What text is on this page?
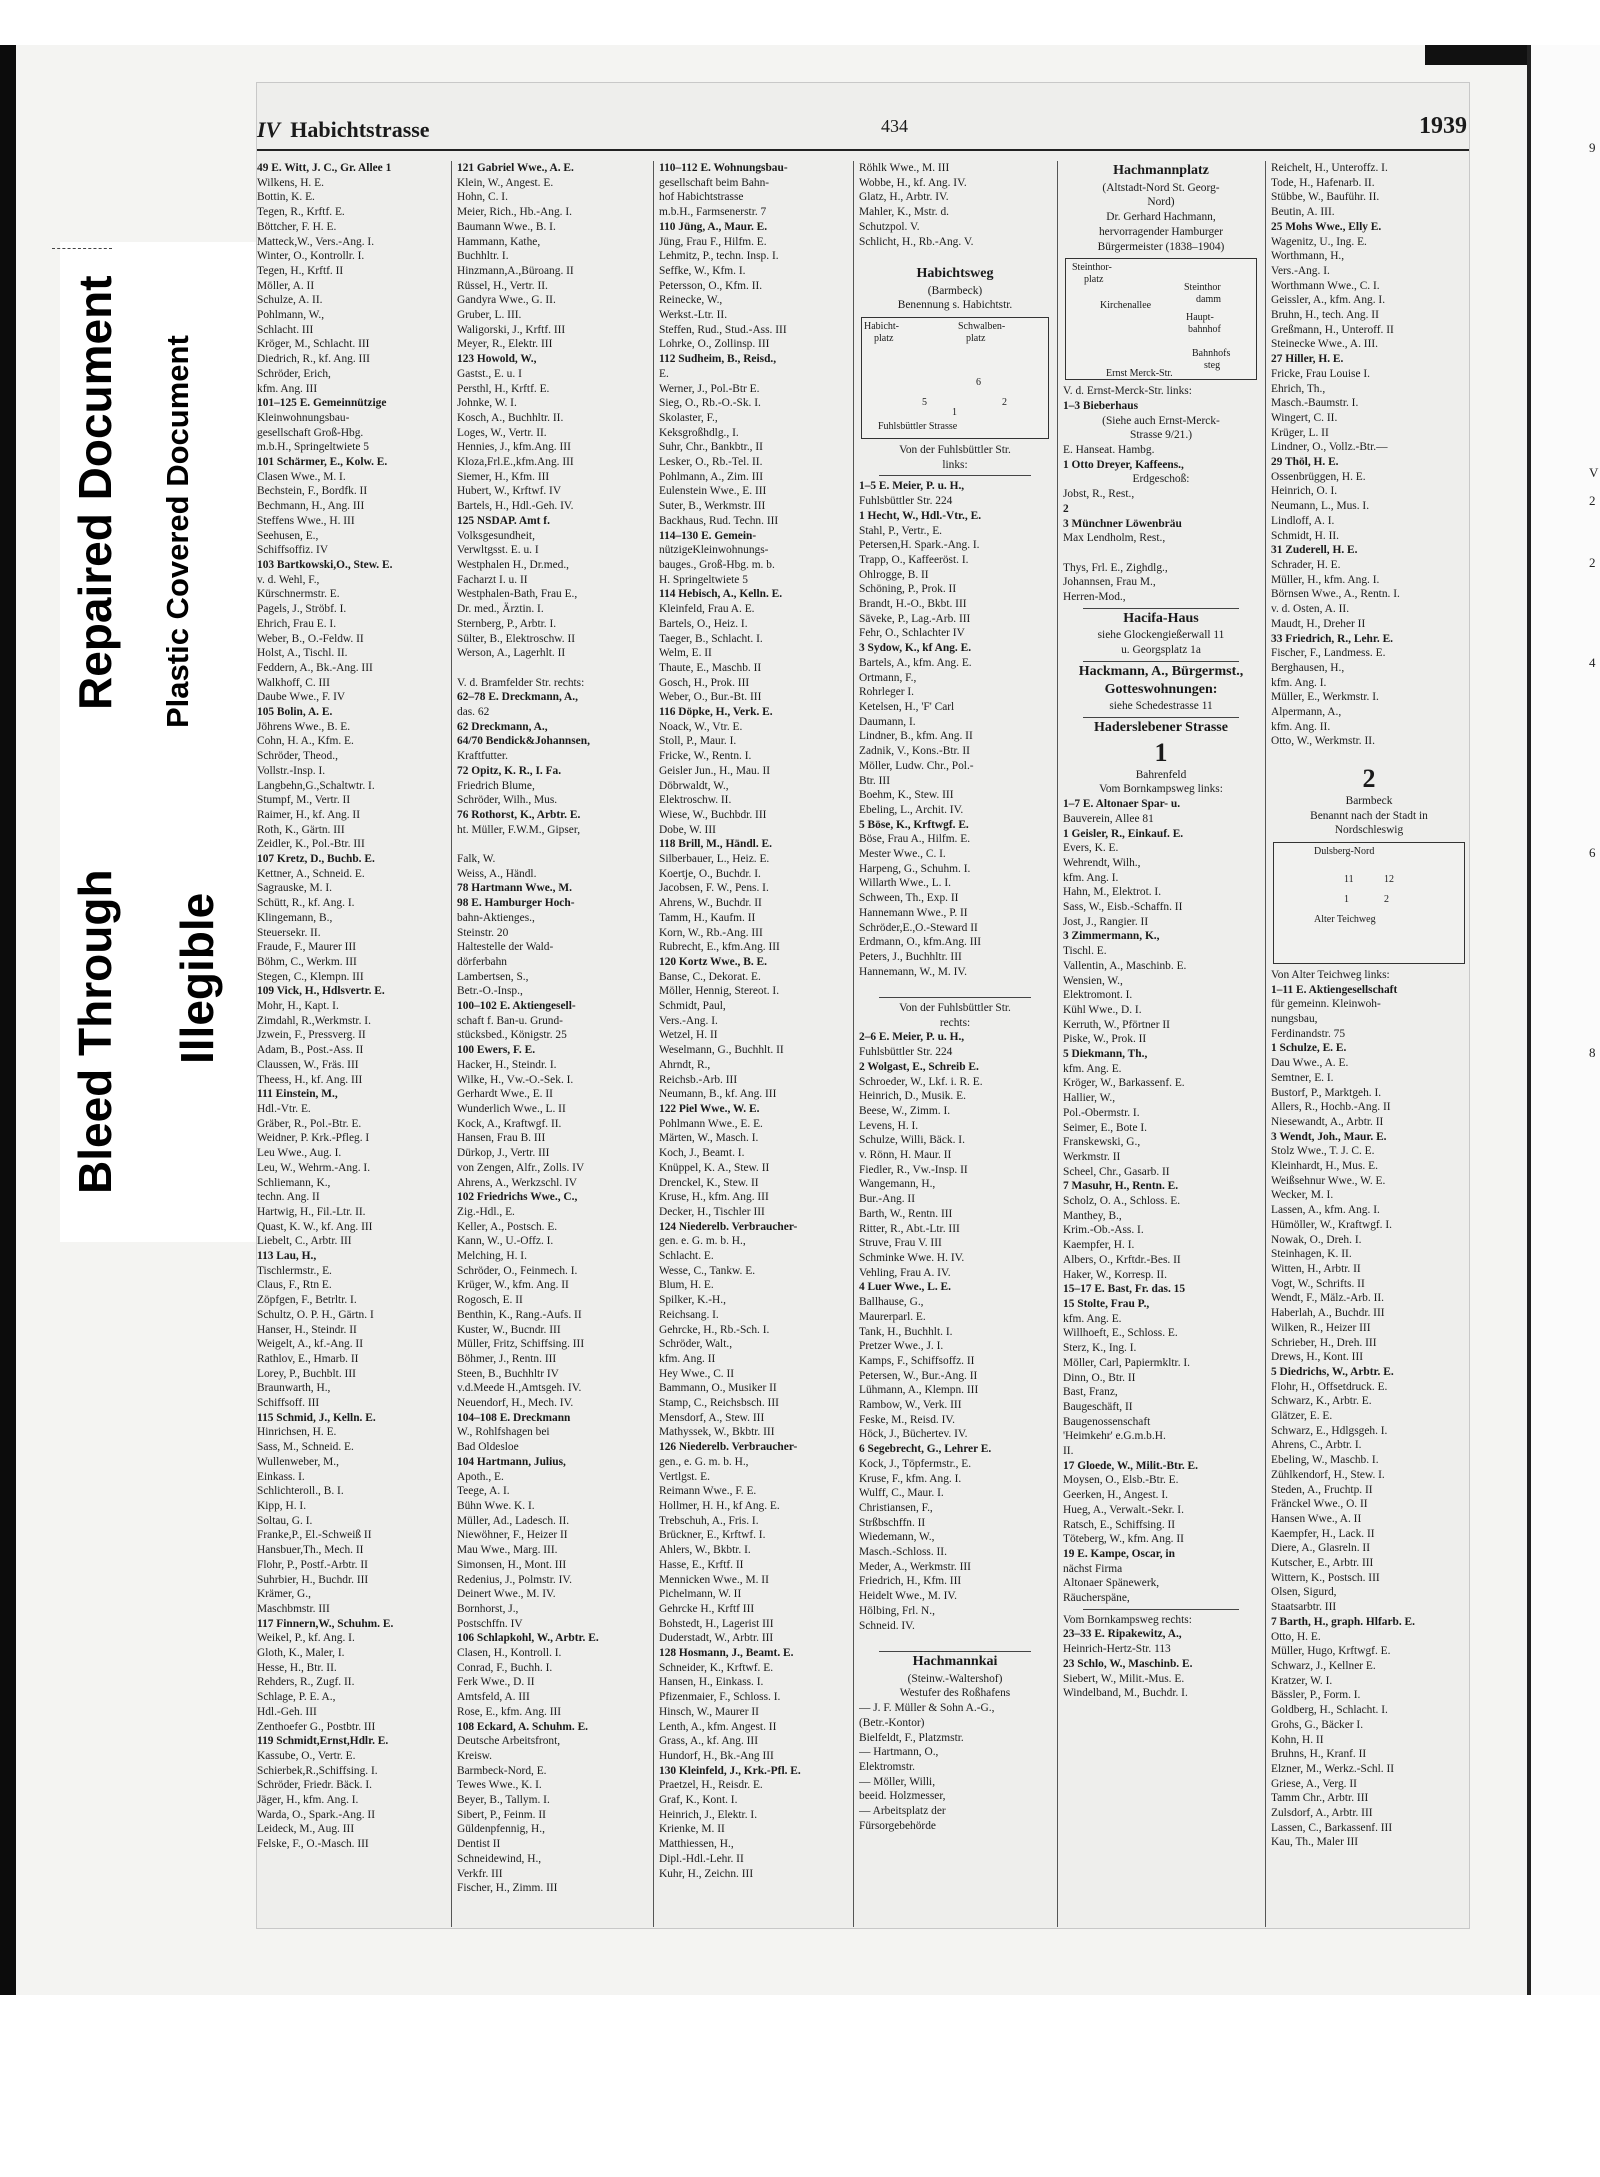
9
V
2
2
4
6
8
Bleed Through
Repaired Document Plastic Covered Document
Illegible
IV Habichtstrasse	434	1939
49 E. Witt, J. C., Gr. Allee 1
Wilkens, H. E.
Bottin, K. E.
Tegen, R., Krftf. E.
Böttcher, F. H. E.
Matteck,W., Vers.-Ang. I.
Winter, O., Kontrollr. I.
Tegen, H., Krftf. II
Möller, A. II
Schulze, A. II.
Pohlmann, W.,
Schlacht. III
Kröger, M., Schlacht. III
Diedrich, R., kf. Ang. III
Schröder, Erich,
kfm. Ang. III
101–125 E. Gemeinnützige
Kleinwohnungsbau-
gesellschaft Groß-Hbg.
m.b.H., Springeltwiete 5
101 Schärmer, E., Kolw. E.
Clasen Wwe., M. I.
Bechstein, F., Bordfk. II
Bechmann, H., Ang. III
Steffens Wwe., H. III
Seehusen, E.,
Schiffsoffiz. IV
103 Bartkowski,O., Stew. E.
v. d. Wehl, F.,
Kürschnermstr. E.
Pagels, J., Ströbf. I.
Ehrich, Frau E. I.
Weber, B., O.-Feldw. II
Holst, A., Tischl. II.
Feddern, A., Bk.-Ang. III
Walkhoff, C. III
Daube Wwe., F. IV
105 Bolin, A. E.
Jöhrens Wwe., B. E.
Cohn, H. A., Kfm. E.
Schröder, Theod.,
Vollstr.-Insp. I.
Langbehn,G.,Schaltwtr. I.
Stumpf, M., Vertr. II
Raimer, H., kf. Ang. II
Roth, K., Gärtn. III
Zeidler, K., Pol.-Btr. III
107 Kretz, D., Buchb. E.
Kettner, A., Schneid. E.
Sagrauske, M. I.
Schütt, R., kf. Ang. I.
Klingemann, B.,
Steuersekr. II.
Fraude, F., Maurer III
Böhm, C., Werkm. III
Stegen, C., Klempn. III
109 Vick, H., Hdlsvertr. E.
Mohr, H., Kapt. I.
Zimdahl, R.,Werkmstr. I.
Jzwein, F., Pressverg. II
Adam, B., Post.-Ass. II
Claussen, W., Fräs. III
Theess, H., kf. Ang. III
111 Einstein, M.,
Hdl.-Vtr. E.
Gräber, R., Pol.-Btr. E.
Weidner, P. Krk.-Pfleg. I
Leu Wwe., Aug. I.
Leu, W., Wehrm.-Ang. I.
Schliemann, K.,
techn. Ang. II
Hartwig, H., Fil.-Ltr. II.
Quast, K. W., kf. Ang. III
Liebelt, C., Arbtr. III
113 Lau, H.,
Tischlermstr., E.
Claus, F., Rtn E.
Zöpfgen, F., Betrltr. I.
Schultz, O. P. H., Gärtn. I
Hanser, H., Steindr. II
Weigelt, A., kf.-Ang. II
Rathlov, E., Hmarb. II
Lorey, P., Buchblt. III
Braunwarth, H.,
Schiffsoff. III
115 Schmid, J., Kelln. E.
Hinrichsen, H. E.
Sass, M., Schneid. E.
Wullenweber, M.,
Einkass. I.
Schlichteroll., B. I.
Kipp, H. I.
Soltau, G. I.
Franke,P., El.-Schweiß II
Hansbuer,Th., Mech. II
Flohr, P., Postf.-Arbtr. II
Suhrbier, H., Buchdr. III
Krämer, G.,
Maschbmstr. III
117 Finnern,W., Schuhm. E.
Weikel, P., kf. Ang. I.
Gloth, K., Maler, I.
Hesse, H., Btr. II.
Rehders, R., Zugf. II.
Schlage, P. E. A.,
Hdl.-Geh. III
Zenthoefer G., Postbtr. III
119 Schmidt,Ernst,Hdlr. E.
Kassube, O., Vertr. E.
Schierbek,R.,Schiffsing. I.
Schröder, Friedr. Bäck. I.
Jäger, H., kfm. Ang. I.
Warda, O., Spark.-Ang. II
Leideck, M., Aug. III
Felske, F., O.-Masch. III
121 Gabriel Wwe., A. E.
Klein, W., Angest. E.
Hohn, C. I.
Meier, Rich., Hb.-Ang. I.
Baumann Wwe., B. I.
Hammann, Kathe,
Buchhltr. I.
Hinzmann,A.,Büroang. II
Rüssel, H., Vertr. II.
Gandyra Wwe., G. II.
Gruber, L. III.
Waligorski, J., Krftf. III
Meyer, R., Elektr. III
123 Howold, W.,
Gastst., E. u. I
Persthl, H., Krftf. E.
Johnke, W. I.
Kosch, A., Buchhltr. II.
Loges, W., Vertr. II.
Hennies, J., kfm.Ang. III
Kloza,Frl.E.,kfm.Ang. III
Siemer, H., Kfm. III
Hubert, W., Krftwf. IV
Bartels, H., Hdl.-Geh. IV.
125 NSDAP. Amt f.
Volksgesundheit,
Verwltgsst. E. u. I
Westphalen H., Dr.med.,
Facharzt I. u. II
Westphalen-Bath, Frau E.,
Dr. med., Ärztin. I.
Sternberg, P., Arbtr. I.
Sülter, B., Elektroschw. II
Werson, A., Lagerhlt. II

V. d. Bramfelder Str. rechts:
62–78 E. Dreckmann, A.,
das. 62
62 Dreckmann, A.,
64/70 Bendick&Johannsen,
Kraftfutter.
72 Opitz, K. R., I. Fa.
Friedrich Blume,
Schröder, Wilh., Mus.
76 Rothorst, K., Arbtr. E.
ht. Müller, F.W.M., Gipser,

Falk, W.
Weiss, A., Händl.
78 Hartmann Wwe., M.
98 E. Hamburger Hoch-
bahn-Aktienges.,
Steinstr. 20
Haltestelle der Wald-
dörferbahn
Lambertsen, S.,
Betr.-O.-Insp.,
100–102 E. Aktiengesell-
schaft f. Ban-u. Grund-
stücksbed., Königstr. 25
100 Ewers, F. E.
Hacker, H., Steindr. I.
Wilke, H., Vw.-O.-Sek. I.
Gerhardt Wwe., E. II
Wunderlich Wwe., L. II
Kock, A., Kraftwgf. II.
Hansen, Frau B. III
Dürkop, J., Vertr. III
von Zengen, Alfr., Zolls. IV
Ahrens, A., Werkzschl. IV
102 Friedrichs Wwe., C.,
Zig.-Hdl., E.
Keller, A., Postsch. E.
Kann, W., U.-Offz. I.
Melching, H. I.
Schröder, O., Feinmech. I.
Krüger, W., kfm. Ang. II
Rogosch, E. II
Benthin, K., Rang.-Aufs. II
Kuster, W., Bucndr. III
Müller, Fritz, Schiffsing. III
Böhmer, J., Rentn. III
Steen, B., Buchhltr IV
v.d.Meede H.,Amtsgeh. IV.
Neuendorf, H., Mech. IV.
104–108 E. Dreckmann
W., Rohlfshagen bei
Bad Oldesloe
104 Hartmann, Julius,
Apoth., E.
Teege, A. I.
Bühn Wwe. K. I.
Müller, Ad., Ladesch. II.
Niewöhner, F., Heizer II
Mau Wwe., Marg. III.
Simonsen, H., Mont. III
Redenius, J., Polmstr. IV.
Deinert Wwe., M. IV.
Bornhorst, J.,
Postschffn. IV
106 Schlapkohl, W., Arbtr. E.
Clasen, H., Kontroll. I.
Conrad, F., Buchh. I.
Ferk Wwe., D. II
Amtsfeld, A. III
Rose, E., kfm. Ang. III
108 Eckard, A. Schuhm. E.
Deutsche Arbeitsfront,
Kreisw.
Barmbeck-Nord, E.
Tewes Wwe., K. I.
Beyer, B., Tallym. I.
Sibert, P., Feinm. II
Güldenpfennig, H.,
Dentist II
Schneidewind, H.,
Verkfr. III
Fischer, H., Zimm. III
110–112 E. Wohnungsbau-
gesellschaft beim Bahn-
hof Habichtstrasse
m.b.H., Farmsenerstr. 7
110 Jüng, A., Maur. E.
Jüng, Frau F., Hilfm. E.
Lehmitz, P., techn. Insp. I.
Seffke, W., Kfm. I.
Petersson, O., Kfm. II.
Reinecke, W.,
Werkst.-Ltr. II.
Steffen, Rud., Stud.-Ass. III
Lohrke, O., Zollinsp. III
112 Sudheim, B., Reisd.,
E.
Werner, J., Pol.-Btr E.
Sieg, O., Rb.-O.-Sk. I.
Skolaster, F.,
Keksgroßhdlg., I.
Suhr, Chr., Bankbtr., II
Lesker, O., Rb.-Tel. II.
Pohlmann, A., Zim. III
Eulenstein Wwe., E. III
Suter, B., Werkmstr. III
Backhaus, Rud. Techn. III
114–130 E. Gemein-
nützigeKleinwohnungs-
bauges., Groß-Hbg. m. b.
H. Springeltwiete 5
114 Hebisch, A., Kelln. E.
Kleinfeld, Frau A. E.
Bartels, O., Heiz. I.
Taeger, B., Schlacht. I.
Welm, E. II
Thaute, E., Maschb. II
Gosch, H., Prok. III
Weber, O., Bur.-Bt. III
116 Döpke, H., Verk. E.
Noack, W., Vtr. E.
Stoll, P., Maur. I.
Fricke, W., Rentn. I.
Geisler Jun., H., Mau. II
Döbrwaldt, W.,
Elektroschw. II.
Wiese, W., Buchbdr. III
Dobe, W. III
118 Brill, M., Händl. E.
Silberbauer, L., Heiz. E.
Koertje, O., Buchdr. I.
Jacobsen, F. W., Pens. I.
Ahrens, W., Buchdr. II
Tamm, H., Kaufm. II
Korn, W., Rb.-Ang. III
Rubrecht, E., kfm.Ang. III
120 Kortz Wwe., B. E.
Banse, C., Dekorat. E.
Möller, Hennig, Stereot. I.
Schmidt, Paul,
Vers.-Ang. I.
Wetzel, H. II
Weselmann, G., Buchhlt. II
Ahrndt, R.,
Reichsb.-Arb. III
Neumann, B., kf. Ang. III
122 Piel Wwe., W. E.
Pohlmann Wwe., E. E.
Märten, W., Masch. I.
Koch, J., Beamt. I.
Knüppel, K. A., Stew. II
Drenckel, K., Stew. II
Kruse, H., kfm. Ang. III
Decker, H., Tischler III
124 Niederelb. Verbraucher-
gen. e. G. m. b. H.,
Schlacht. E.
Wesse, C., Tankw. E.
Blum, H. E.
Spilker, K.-H.,
Reichsang. I.
Gehrcke, H., Rb.-Sch. I.
Schröder, Walt.,
kfm. Ang. II
Hey Wwe., C. II
Bammann, O., Musiker II
Stamp, C., Reichsbsch. III
Mensdorf, A., Stew. III
Mathyssek, W., Bkbtr. III
126 Niederelb. Verbraucher-
gen., e. G. m. b. H.,
Vertlgst. E.
Reimann Wwe., F. E.
Hollmer, H. H., kf Ang. E.
Trebschuh, A., Fris. I.
Brückner, E., Krftwf. I.
Ahlers, W., Bkbtr. I.
Hasse, E., Krftf. II
Mennicken Wwe., M. II
Pichelmann, W. II
Gehrcke H., Krftf III
Bohstedt, H., Lagerist III
Duderstadt, W., Arbtr. III
128 Hosmann, J., Beamt. E.
Schneider, K., Krftwf. E.
Hansen, H., Einkass. I.
Pfizenmaier, F., Schloss. I.
Hinsch, W., Maurer II
Lenth, A., kfm. Angest. II
Grass, A., kf. Ang. III
Hundorf, H., Bk.-Ang III
130 Kleinfeld, J., Krk.-Pfl. E.
Praetzel, H., Reisdr. E.
Graf, K., Kont. I.
Heinrich, J., Elektr. I.
Krienke, M. II
Matthiessen, H.,
Dipl.-Hdl.-Lehr. II
Kuhr, H., Zeichn. III
Röhlk Wwe., M. III
Wobbe, H., kf. Ang. IV.
Glatz, H., Arbtr. IV.
Mahler, K., Mstr. d.
Schutzpol. V.
Schlicht, H., Rb.-Ang. V.

Habichtsweg
(Barmbeck)
Benennung s. Habichtstr.
Habicht-
platz
Schwalben-
platz
Fuhlsbüttler Strasse
6
2
5
1
Von der Fuhlsbüttler Str.
links:
1–5 E. Meier, P. u. H.,
Fuhlsbüttler Str. 224
1 Hecht, W., Hdl.-Vtr., E.
Stahl, P., Vertr., E.
Petersen,H. Spark.-Ang. I.
Trapp, O., Kaffeeröst. I.
Ohlrogge, B. II
Schöning, P., Prok. II
Brandt, H.-O., Bkbt. III
Säveke, P., Lag.-Arb. III
Fehr, O., Schlachter IV
3 Sydow, K., kf Ang. E.
Bartels, A., kfm. Ang. E.
Ortmann, F.,
Rohrleger I.
Ketelsen, H., 'F' Carl
Daumann, I.
Lindner, B., kfm. Ang. II
Zadnik, V., Kons.-Btr. II
Möller, Ludw. Chr., Pol.-
Btr. III
Boehm, K., Stew. III
Ebeling, L., Archit. IV.
5 Böse, K., Krftwgf. E.
Böse, Frau A., Hilfm. E.
Mester Wwe., C. I.
Harpeng, G., Schuhm. I.
Willarth Wwe., L. I.
Schween, Th., Exp. II
Hannemann Wwe., P. II
Schröder,E.,O.-Steward II
Erdmann, O., kfm.Ang. III
Peters, J., Buchhltr. III
Hannemann, W., M. IV.

Von der Fuhlsbüttler Str.
rechts:
2–6 E. Meier, P. u. H.,
Fuhlsbüttler Str. 224
2 Wolgast, E., Schreib E.
Schroeder, W., Lkf. i. R. E.
Heinrich, D., Musik. E.
Beese, W., Zimm. I.
Levens, H. I.
Schulze, Willi, Bäck. I.
v. Rönn, H. Maur. II
Fiedler, R., Vw.-Insp. II
Wangemann, H.,
Bur.-Ang. II
Barth, W., Rentn. III
Ritter, R., Abt.-Ltr. III
Struve, Frau V. III
Schminke Wwe. H. IV.
Vehling, Frau A. IV.
4 Luer Wwe., L. E.
Ballhause, G.,
Maurerparl. E.
Tank, H., Buchhlt. I.
Pretzer Wwe., J. I.
Kamps, F., Schiffsoffz. II
Petersen, W., Bur.-Ang. II
Lühmann, A., Klempn. III
Rambow, W., Verk. III
Feske, M., Reisd. IV.
Höck, J., Büchertev. IV.
6 Segebrecht, G., Lehrer E.
Kock, J., Töpfermstr., E.
Kruse, F., kfm. Ang. I.
Wulff, C., Maur. I.
Christiansen, F.,
Strßbschffn. II
Wiedemann, W.,
Masch.-Schloss. II.
Meder, A., Werkmstr. III
Friedrich, H., Kfm. III
Heidelt Wwe., M. IV.
Hölbing, Frl. N.,
Schneid. IV.

Hachmannkai
(Steinw.-Waltershof)
Westufer des Roßhafens
— J. F. Müller & Sohn A.-G.,
(Betr.-Kontor)
Bielfeldt, F., Platzmstr.
— Hartmann, O.,
Elektromstr.
— Möller, Willi,
beeid. Holzmesser,
— Arbeitsplatz der
Fürsorgebehörde
Hachmannplatz
(Altstadt-Nord St. Georg-
Nord)
Dr. Gerhard Hachmann,
hervorragender Hamburger
Bürgermeister (1838–1904)
Steinthor-
platz
Steinthor
damm
Haupt-
bahnhof
Kirchenallee
Bahnhofs
steg
Ernst Merck-Str.
V. d. Ernst-Merck-Str. links:
1–3 Bieberhaus
(Siehe auch Ernst-Merck-
Strasse 9/21.)
E. Hanseat. Hambg.
1 Otto Dreyer, Kaffeens.,
Erdgeschoß:
Jobst, R., Rest.,
2
3 Münchner Löwenbräu
Max Lendholm, Rest.,

Thys, Frl. E., Zighdlg.,
Johannsen, Frau M.,
Herren-Mod.,
Hacifa-Haus
siehe Glockengießerwall 11
u. Georgsplatz 1a
Hackmann, A., Bürgermst.,
Gotteswohnungen:
siehe Schedestrasse 11
Haderslebener Strasse
1
Bahrenfeld
Vom Bornkampsweg links:
1–7 E. Altonaer Spar- u.
Bauverein, Allee 81
1 Geisler, R., Einkauf. E.
Evers, K. E.
Wehrendt, Wilh.,
kfm. Ang. I.
Hahn, M., Elektrot. I.
Sass, W., Eisb.-Schaffn. II
Jost, J., Rangier. II
3 Zimmermann, K.,
Tischl. E.
Vallentin, A., Maschinb. E.
Wensien, W.,
Elektromont. I.
Kühl Wwe., D. I.
Kerruth, W., Pförtner II
Piske, W., Prok. II
5 Diekmann, Th.,
kfm. Ang. E.
Kröger, W., Barkassenf. E.
Hallier, W.,
Pol.-Obermstr. I.
Seimer, E., Bote I.
Franskewski, G.,
Werkmstr. II
Scheel, Chr., Gasarb. II
7 Masuhr, H., Rentn. E.
Scholz, O. A., Schloss. E.
Manthey, B.,
Krim.-Ob.-Ass. I.
Kaempfer, H. I.
Albers, O., Krftdr.-Bes. II
Haker, W., Korresp. II.
15–17 E. Bast, Fr. das. 15
15 Stolte, Frau P.,
kfm. Ang. E.
Willhoeft, E., Schloss. E.
Sterz, K., Ing. I.
Möller, Carl, Papiermkltr. I.
Dinn, O., Btr. II
Bast, Franz,
Baugeschäft, II
Baugenossenschaft
'Heimkehr' e.G.m.b.H.
II.
17 Gloede, W., Milit.-Btr. E.
Moysen, O., Elsb.-Btr. E.
Geerken, H., Angest. I.
Hueg, A., Verwalt.-Sekr. I.
Ratsch, E., Schiffsing. II
Töteberg, W., kfm. Ang. II
19 E. Kampe, Oscar, in
nächst Firma
Altonaer Spänewerk,
Räucherspäne,
Vom Bornkampsweg rechts:
23–33 E. Ripakewitz, A.,
Heinrich-Hertz-Str. 113
23 Schlo, W., Maschinb. E.
Siebert, W., Milit.-Mus. E.
Windelband, M., Buchdr. I.
Reichelt, H., Unteroffz. I.
Tode, H., Hafenarb. II.
Stübbe, W., Bauführ. II.
Beutin, A. III.
25 Mohs Wwe., Elly E.
Wagenitz, U., Ing. E.
Worthmann, H.,
Vers.-Ang. I.
Worthmann Wwe., C. I.
Geissler, A., kfm. Ang. I.
Bruhn, H., tech. Ang. II
Greßmann, H., Unteroff. II
Steinecke Wwe., A. III.
27 Hiller, H. E.
Fricke, Frau Louise I.
Ehrich, Th.,
Masch.-Baumstr. I.
Wingert, C. II.
Krüger, L. II
Lindner, O., Vollz.-Btr.—
29 Thöl, H. E.
Ossenbrüggen, H. E.
Heinrich, O. I.
Neumann, L., Mus. I.
Lindloff, A. I.
Schmidt, H. II.
31 Zuderell, H. E.
Schrader, H. E.
Müller, H., kfm. Ang. I.
Börnsen Wwe., A., Rentn. I.
v. d. Osten, A. II.
Maudt, H., Dreher II
33 Friedrich, R., Lehr. E.
Fischer, F., Landmess. E.
Berghausen, H.,
kfm. Ang. I.
Müller, E., Werkmstr. I.
Alpermann, A.,
kfm. Ang. II.
Otto, W., Werkmstr. II.

2
Barmbeck
Benannt nach der Stadt in
Nordschleswig
Dulsberg-Nord
Alter Teichweg
11	12
1	2
Von Alter Teichweg links:
1–11 E. Aktiengesellschaft
für gemeinn. Kleinwoh-
nungsbau,
Ferdinandstr. 75
1 Schulze, E. E.
Dau Wwe., A. E.
Semtner, E. I.
Bustorf, P., Marktgeh. I.
Allers, R., Hochb.-Ang. II
Niesewandt, A., Arbtr. II
3 Wendt, Joh., Maur. E.
Stolz Wwe., T. J. C. E.
Kleinhardt, H., Mus. E.
Weißsehnur Wwe., W. E.
Wecker, M. I.
Lassen, A., kfm. Ang. I.
Hümöller, W., Kraftwgf. I.
Nowak, O., Dreh. I.
Steinhagen, K. II.
Witten, H., Arbtr. II
Vogt, W., Schrifts. II
Wendt, F., Mälz.-Arb. II.
Haberlah, A., Buchdr. III
Wilken, R., Heizer III
Schrieber, H., Dreh. III
Drews, H., Kont. III
5 Diedrichs, W., Arbtr. E.
Flohr, H., Offsetdruck. E.
Schwarz, K., Arbtr. E.
Glätzer, E. E.
Schwarz, E., Hdlgsgeh. I.
Ahrens, C., Arbtr. I.
Ebeling, W., Maschb. I.
Zühlkendorf, H., Stew. I.
Steden, A., Fruchtp. II
Fränckel Wwe., O. II
Hansen Wwe., A. II
Kaempfer, H., Lack. II
Diere, A., Glasreln. II
Kutscher, E., Arbtr. III
Wittern, K., Postsch. III
Olsen, Sigurd,
Staatsarbtr. III
7 Barth, H., graph. Hlfarb. E.
Otto, H. E.
Müller, Hugo, Krftwgf. E.
Schwarz, J., Kellner E.
Kratzer, W. I.
Bässler, P., Form. I.
Goldberg, H., Schlacht. I.
Grohs, G., Bäcker I.
Kohn, H. II
Bruhns, H., Kranf. II
Elzner, M., Werkz.-Schl. II
Griese, A., Verg. II
Tamm Chr., Arbtr. III
Zulsdorf, A., Arbtr. III
Lassen, C., Barkassenf. III
Kau, Th., Maler III
